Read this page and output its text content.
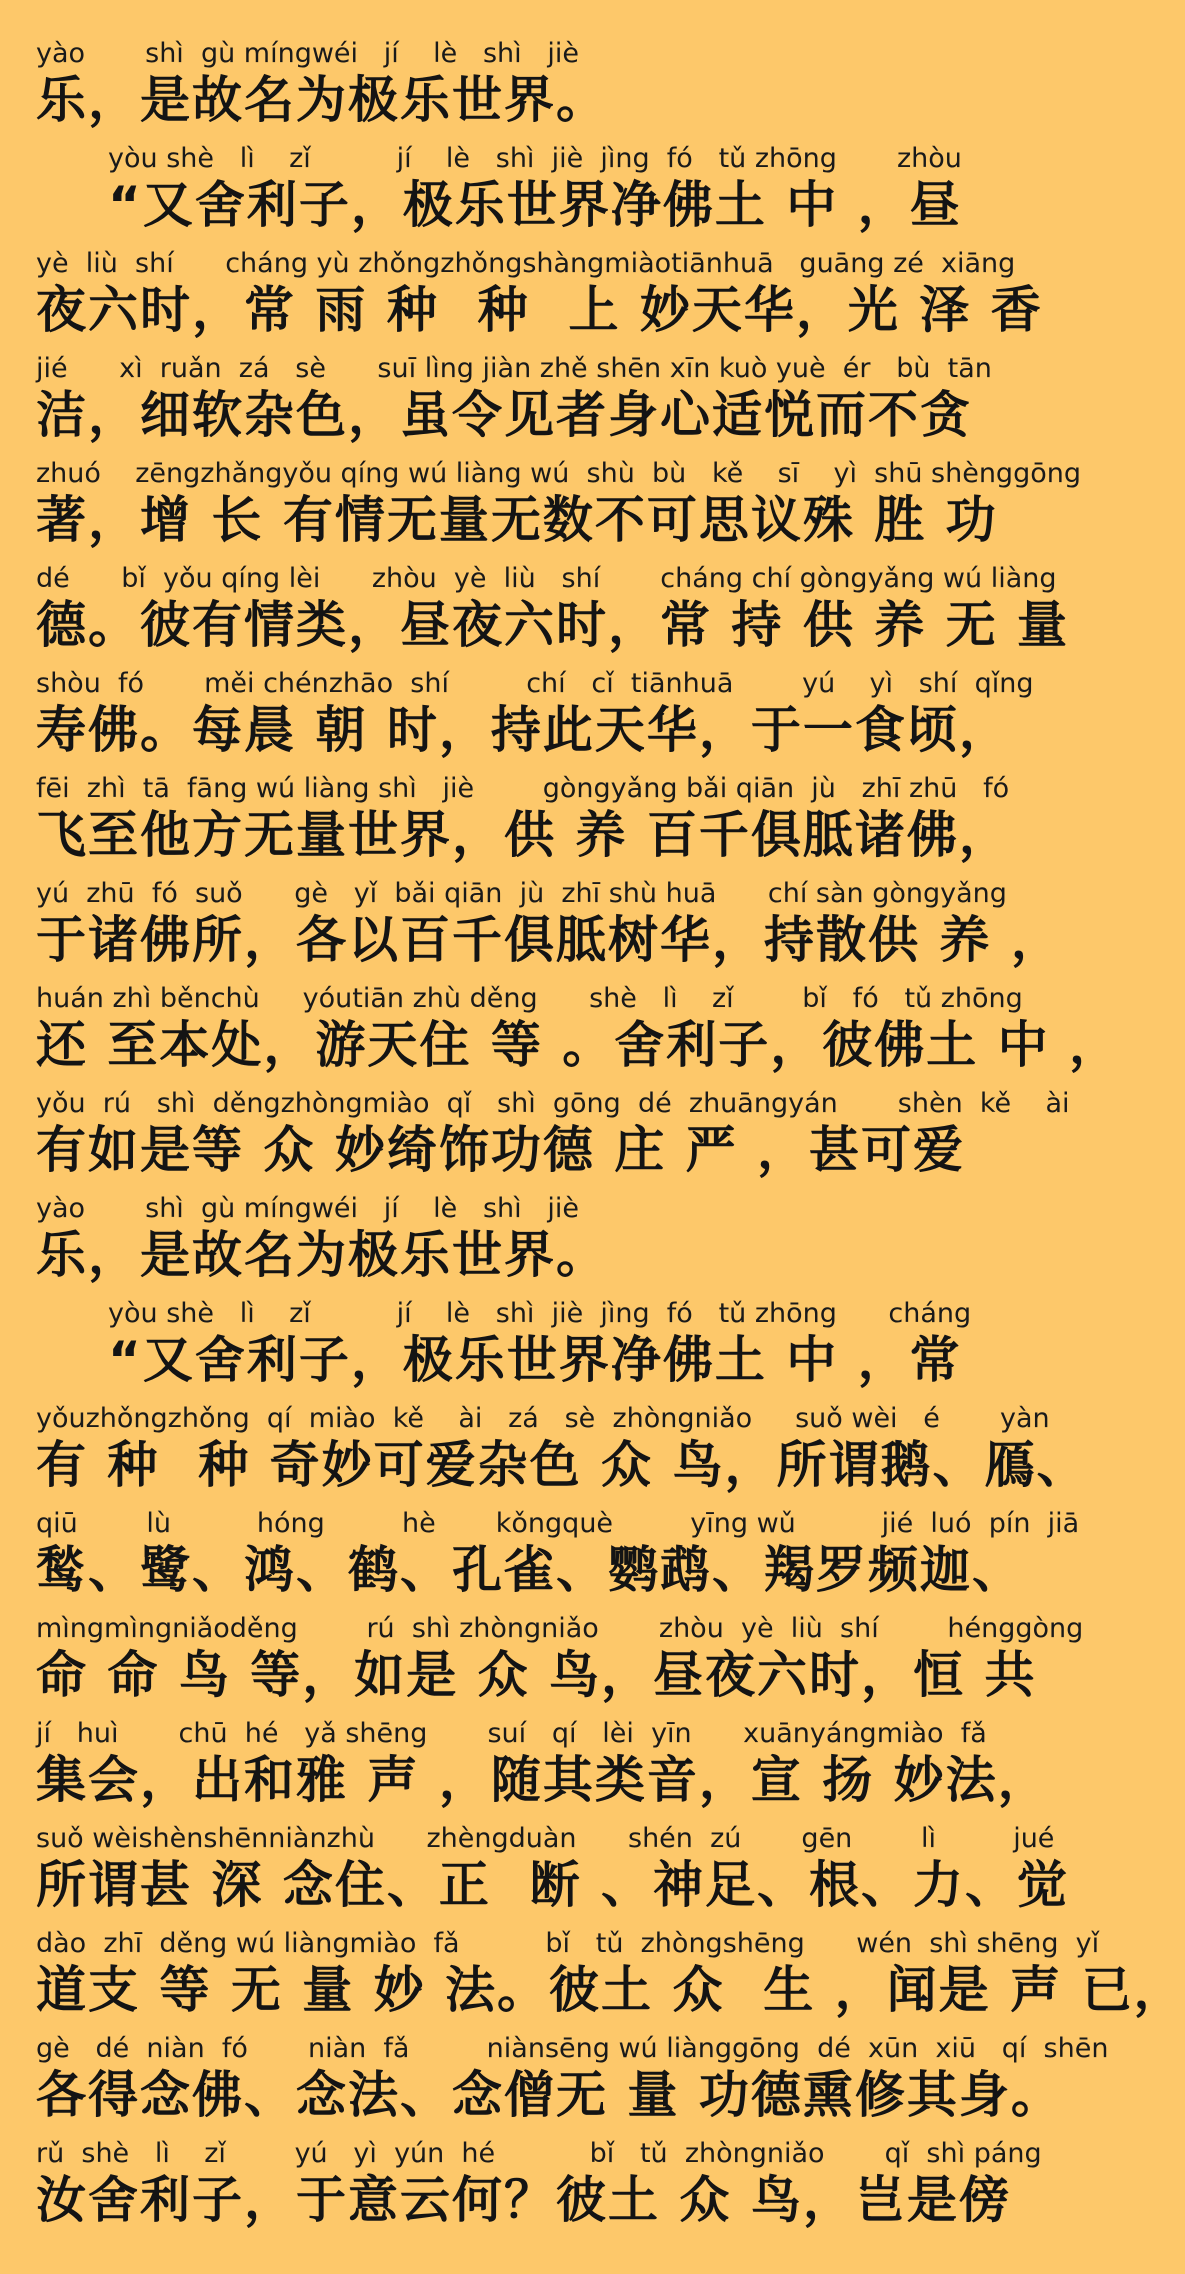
yào       shì  gù míngwéi   jí    lè   shì   jiè
乐，是故名为极乐世界。
yòu shè   lì    zǐ          jí    lè   shì  jiè  jìng  fó   tǔ zhōng       zhòu
“又舍利子，极乐世界净佛土 中 ，昼
yè  liù  shí      cháng yù zhǒngzhǒngshàngmiàotiānhuā   guāng zé  xiāng
夜六时，常 雨 种  种  上 妙天华，光 泽 香
jié      xì  ruǎn  zá   sè      suī lìng jiàn zhě shēn xīn kuò yuè  ér   bù  tān
洁，细软杂色，虽令见者身心适悦而不贪
zhuó    zēngzhǎngyǒu qíng wú liàng wú  shù  bù   kě    sī    yì  shū shènggōng
著，增 长 有情无量无数不可思议殊 胜 功
dé      bǐ  yǒu qíng lèi      zhòu  yè  liù   shí       cháng chí gòngyǎng wú liàng
德。彼有情类，昼夜六时，常 持 供 养 无 量
shòu  fó       měi chénzhāo  shí         chí   cǐ  tiānhuā        yú    yì   shí  qǐng
寿佛。每晨 朝 时，持此天华，于一食顷，
fēi  zhì  tā  fāng wú liàng shì   jiè        gòngyǎng bǎi qiān  jù   zhī zhū   fó
飞至他方无量世界，供 养 百千俱胝诸佛，
yú  zhū  fó  suǒ      gè   yǐ  bǎi qiān  jù  zhī shù huā      chí sàn gòngyǎng
于诸佛所，各以百千俱胝树华，持散供 养 ，
huán zhì běnchù     yóutiān zhù děng      shè   lì    zǐ        bǐ   fó   tǔ zhōng
还 至本处，游天住 等 。舍利子，彼佛土 中 ，
yǒu  rú   shì  děngzhòngmiào  qǐ   shì  gōng  dé  zhuāngyán       shèn  kě    ài
有如是等 众 妙绮饰功德 庄 严 ，甚可爱
yào       shì  gù míngwéi   jí    lè   shì   jiè
乐，是故名为极乐世界。
yòu shè   lì    zǐ          jí    lè   shì  jiè  jìng  fó   tǔ zhōng      cháng
“又舍利子，极乐世界净佛土 中 ，常
yǒuzhǒngzhǒng  qí  miào  kě    ài   zá   sè  zhòngniǎo     suǒ wèi   é       yàn
有 种  种 奇妙可爱杂色 众 鸟，所谓鹅、鴈、
qiū        lù          hóng         hè       kǒngquè         yīng wǔ          jié  luó  pín  jiā
鹙、鹭、鸿、鹤、孔雀、鹦鹉、羯罗频迦、
mìngmìngniǎoděng        rú  shì zhòngniǎo       zhòu  yè  liù  shí        hénggòng
命 命 鸟 等，如是 众 鸟，昼夜六时，恒 共
jí   huì       chū  hé   yǎ shēng       suí   qí   lèi  yīn      xuānyángmiào  fǎ
集会，出和雅 声 ，随其类音，宣 扬 妙法，
suǒ wèishènshēnniànzhù      zhèngduàn      shén  zú       gēn        lì         jué
所谓甚 深 念住、正  断 、神足、根、力、觉
dào  zhī  děng wú liàngmiào  fǎ          bǐ   tǔ  zhòngshēng      wén  shì shēng  yǐ
道支 等 无 量 妙 法。彼土 众  生 ，闻是 声 已，
gè   dé  niàn  fó       niàn  fǎ         niànsēng wú liànggōng  dé  xūn  xiū   qí  shēn
各得念佛、念法、念僧无 量 功德熏修其身。
rǔ  shè   lì    zǐ        yú   yì  yún  hé           bǐ   tǔ  zhòngniǎo       qǐ  shì páng
汝舍利子，于意云何？彼土 众 鸟，岂是傍
